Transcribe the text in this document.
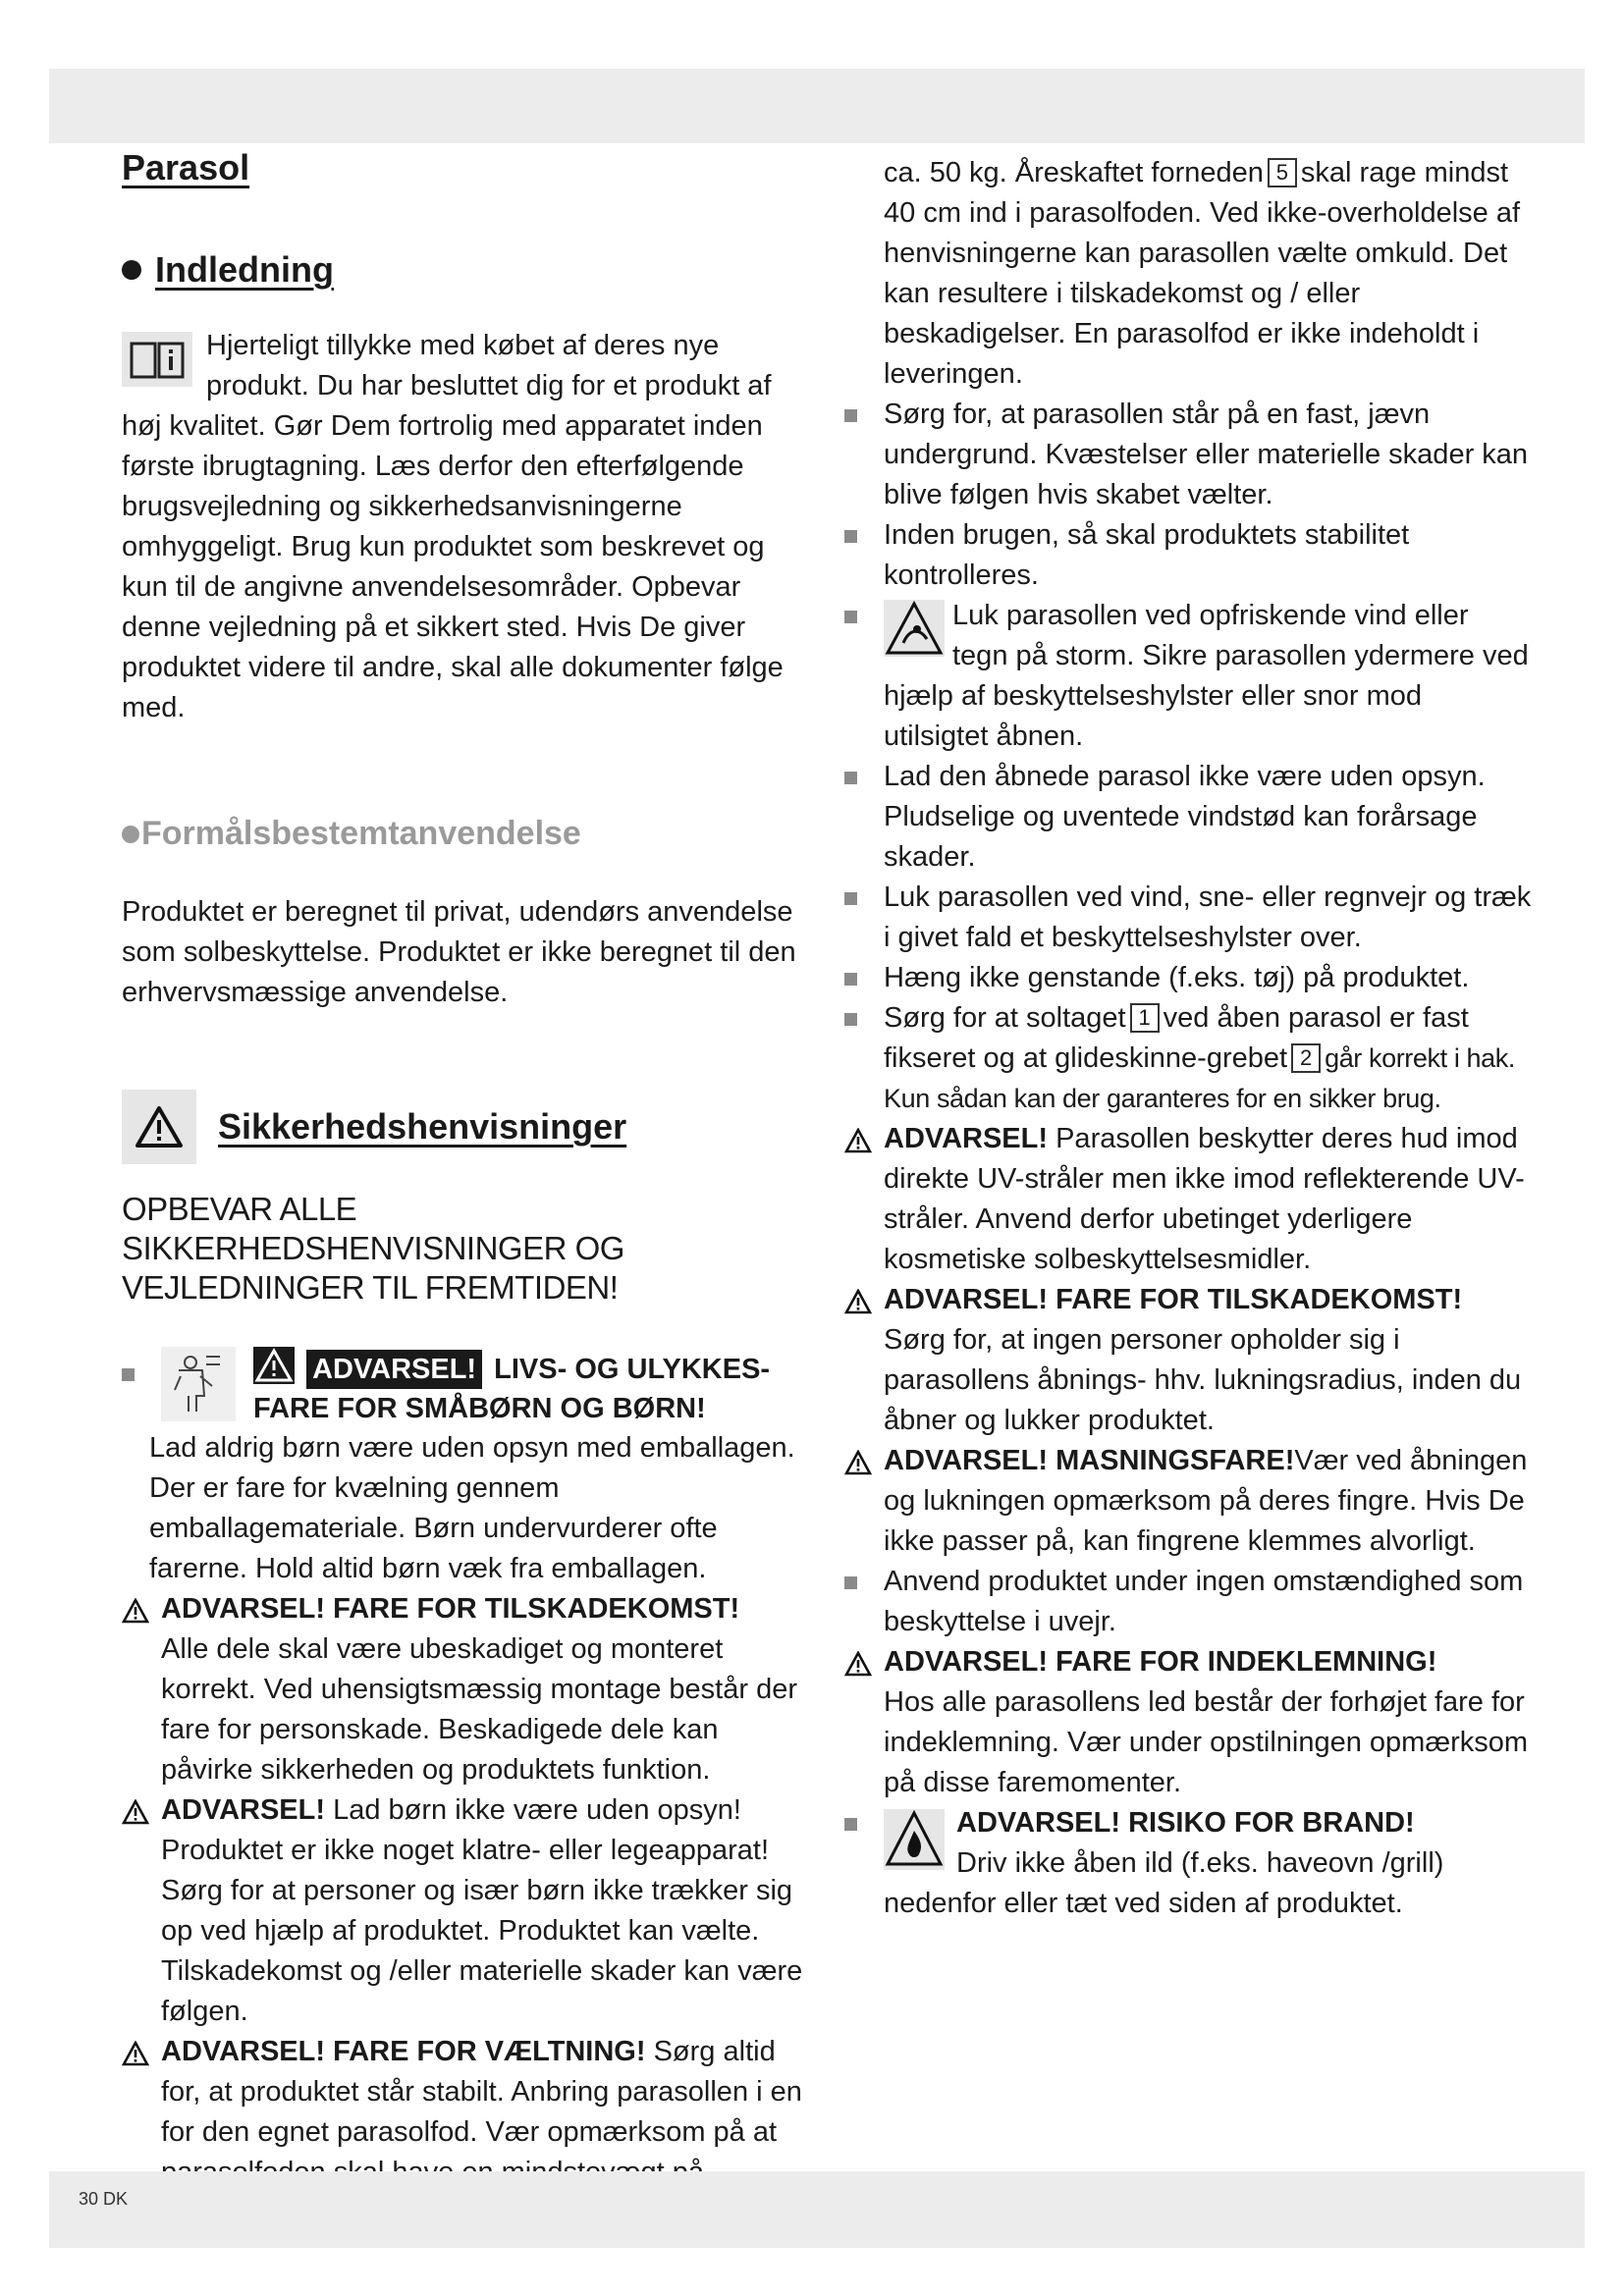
Parasol
Indledning

Hjerteligt tillykke med købet af deres nye produkt. Du har besluttet dig for et produkt af høj kvalitet. Gør Dem fortrolig med apparatet inden første ibrugtagning. Læs derfor den efterfølgende brugsvejledning og sikkerhedsanvisningerne omhyggeligt. Brug kun produktet som beskrevet og kun til de angivne anvendelsesområder. Opbevar denne vejledning på et sikkert sted. Hvis De giver produktet videre til andre, skal alle dokumenter følge med.

Formålsbestemtanvendelse

Produktet er beregnet til privat, udendørs anvendelse som solbeskyttelse. Produktet er ikke beregnet til den erhvervsmæssige anvendelse.

Sikkerhedshenvisninger
OPBEVAR ALLE SIKKERHEDSHENVISNINGER OG VEJLEDNINGER TIL FREMTIDEN!
ADVARSEL! LIVS- OG ULYKKES-FARE FOR SMÅBØRN OG BØRN!

Lad aldrig børn være uden opsyn med emballagen. Der er fare for kvælning gennem emballagemateriale. Børn undervurderer ofte farerne. Hold altid børn væk fra emballagen.

ADVARSEL! FARE FOR TILSKADEKOMST!

Alle dele skal være ubeskadiget og monteret korrekt. Ved uhensigtsmæssig montage består der fare for personskade. Beskadigede dele kan påvirke sikkerheden og produktets funktion.

ADVARSEL! Lad børn ikke være uden opsyn! Produktet er ikke noget klatre- eller legeapparat! Sørg for at personer og især børn ikke trækker sig op ved hjælp af produktet. Produktet kan vælte. Tilskadekomst og /eller materielle skader kan være følgen.

ADVARSEL! FARE FOR VÆLTNING! Sørg altid for, at produktet står stabilt. Anbring parasollen i en for den egnet parasolfod. Vær opmærksom på at

ca. 50 kg. Åreskaftet forneden 5 skal rage mindst 40 cm ind i parasolfoden. Ved ikke-overholdelse af henvisningerne kan parasollen vælte omkuld. Det kan resultere i tilskadekomst og / eller beskadigelser. En parasolfod er ikke indeholdt i leveringen.

Sørg for, at parasollen står på en fast, jævn undergrund. Kvæstelser eller materielle skader kan blive følgen hvis skabet vælter.

Inden brugen, så skal produktets stabilitet kontrolleres.

Luk parasollen ved opfriskende vind eller tegn på storm. Sikre parasollen ydermere ved hjælp af beskyttelseshylster eller snor mod utilsigtet åbnen.

Lad den åbnede parasol ikke være uden opsyn. Pludselige og uventede vindstød kan forårsage skader.

Luk parasollen ved vind, sne- eller regnvejr og træk i givet fald et beskyttelseshylster over.

Hæng ikke genstande (f.eks. tøj) på produktet.

Sørg for at soltaget 1 ved åben parasol er fast fikseret og at glideskinne-grebet 2 går korrekt i hak. Kun sådan kan der garanteres for en sikker brug.

ADVARSEL! Parasollen beskytter deres hud imod direkte UV-stråler men ikke imod reflekterende UV-stråler. Anvend derfor ubetinget yderligere kosmetiske solbeskyttelsesmidler.

ADVARSEL! FARE FOR TILSKADEKOMST!

Sørg for, at ingen personer opholder sig i parasollens åbnings- hhv. lukningsradius, inden du åbner og lukker produktet.

ADVARSEL! MASNINGSFARE!Vær ved åbningen og lukningen opmærksom på deres fingre. Hvis De ikke passer på, kan fingrene klemmes alvorligt.

Anvend produktet under ingen omstændighed som beskyttelse i uvejr.

ADVARSEL! FARE FOR INDEKLEMNING!

Hos alle parasollens led består der forhøjet fare for indeklemning. Vær under opstilningen opmærksom på disse faremomenter.

ADVARSEL! RISIKO FOR BRAND!
Driv ikke åben ild (f.eks. haveovn /grill) nedenfor eller tæt ved siden af produktet.

30 DK
